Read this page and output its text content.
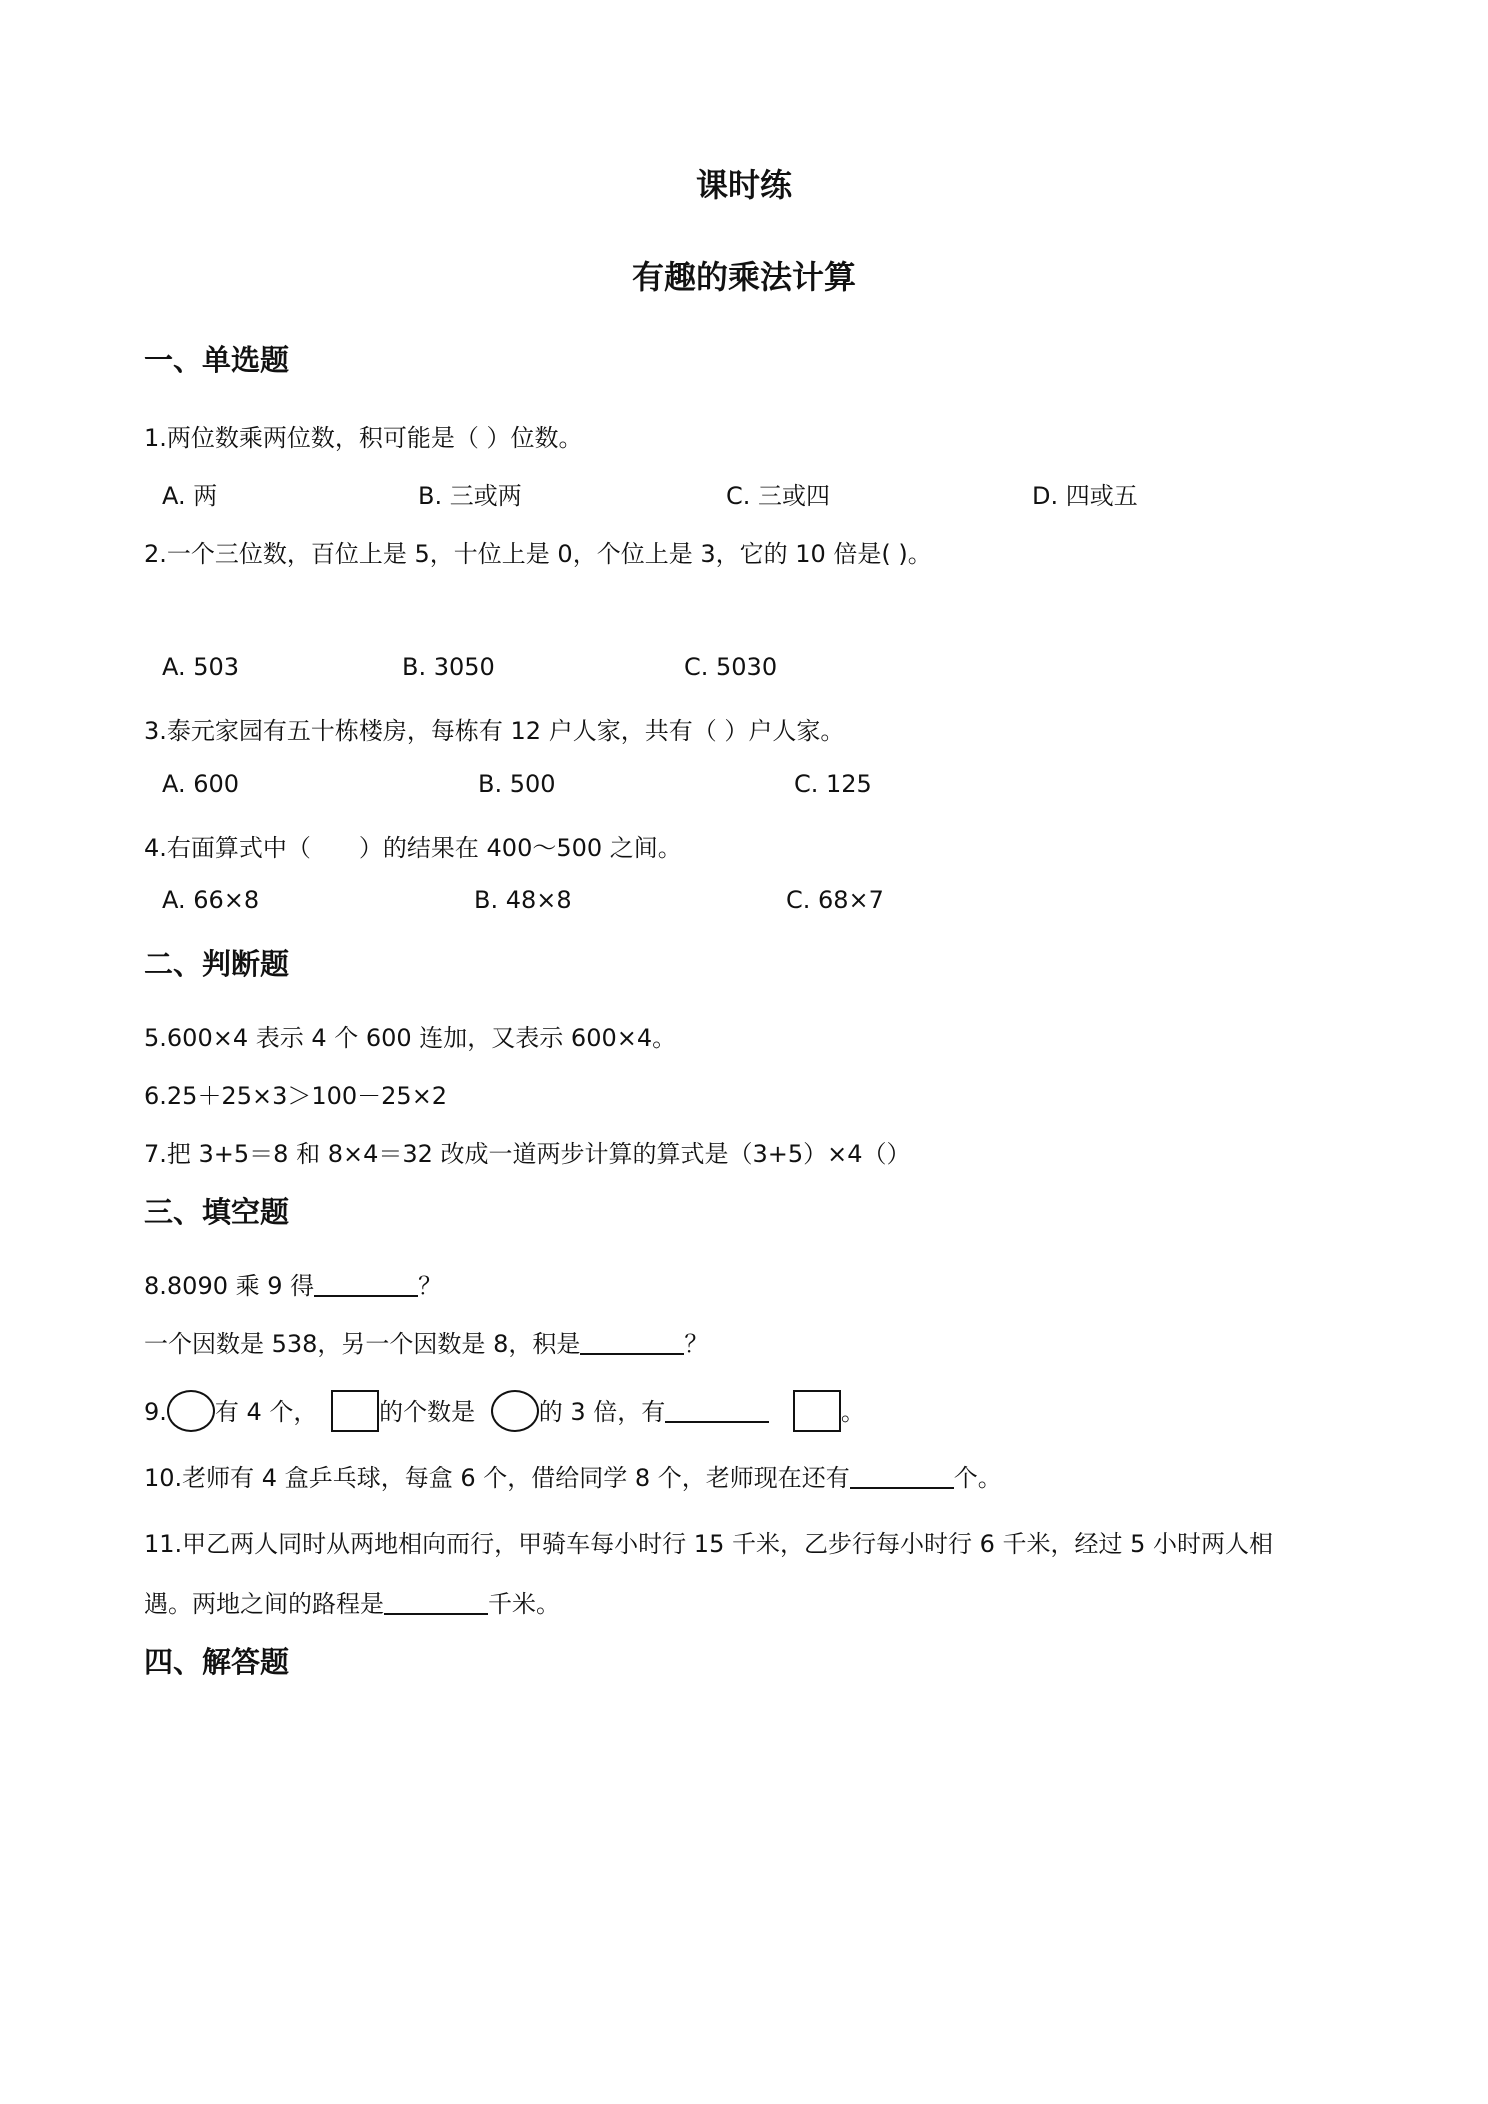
课时练
有趣的乘法计算
一、单选题
1.两位数乘两位数，积可能是（ ）位数。
A. 两	B. 三或两	C. 三或四	D. 四或五
2.一个三位数，百位上是 5，十位上是 0，个位上是 3，它的 10 倍是( )。
A. 503	B. 3050	C. 5030
3.泰元家园有五十栋楼房，每栋有 12 户人家，共有（ ）户人家。
A. 600	B. 500	C. 125
4.右面算式中（　　）的结果在 400～500 之间。
A. 66×8	B. 48×8	C. 68×7
二、判断题
5.600×4 表示 4 个 600 连加，又表示 600×4。
6.25＋25×3＞100－25×2
7.把 3+5＝8 和 8×4＝32 改成一道两步计算的算式是（3+5）×4（）
三、填空题
8.8090 乘 9 得	？
一个因数是 538，另一个因数是 8，积是	？
9. 有 4 个，	的个数是	的 3 倍，有	。
10.老师有 4 盒乒乓球，每盒 6 个，借给同学 8 个，老师现在还有	个。
11.甲乙两人同时从两地相向而行，甲骑车每小时行 15 千米，乙步行每小时行 6 千米，经过 5 小时两人相
遇。两地之间的路程是	千米。
四、解答题
